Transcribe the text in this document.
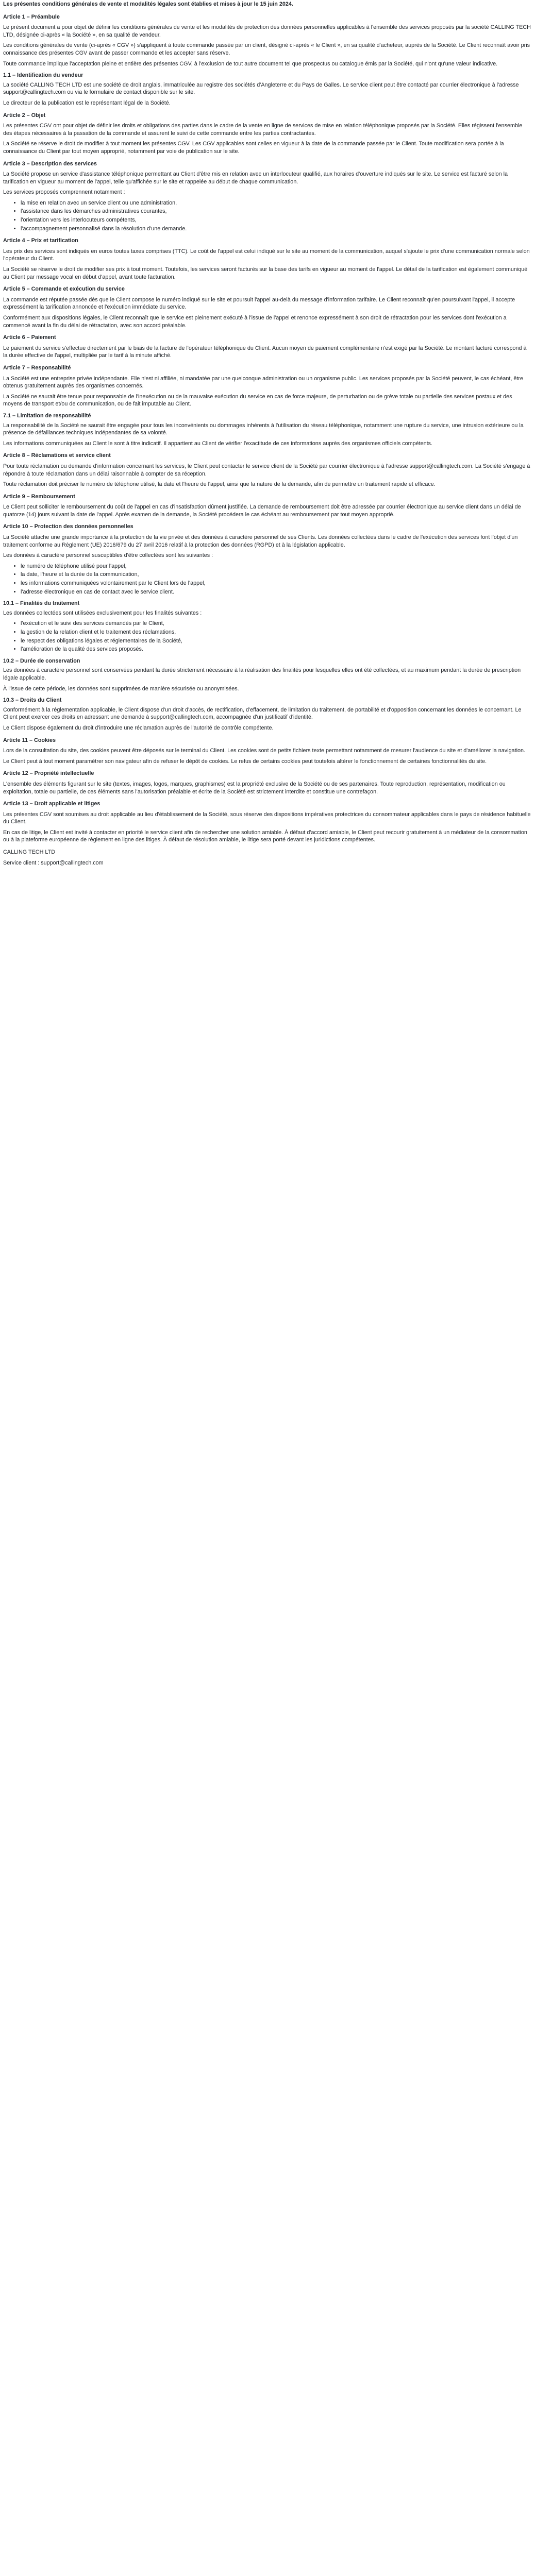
Les présentes conditions générales de vente et modalités légales sont établies et mises à jour le 15 juin 2024.
Article 1 – Préambule

Le présent document a pour objet de définir les conditions générales de vente et les modalités de protection des données personnelles applicables à l'ensemble des services proposés par la société CALLING TECH LTD, désignée ci-après « la Société », en sa qualité de vendeur.

Les conditions générales de vente (ci-après « CGV ») s'appliquent à toute commande passée par un client, désigné ci-après « le Client », en sa qualité d'acheteur, auprès de la Société. Le Client reconnaît avoir pris connaissance des présentes CGV avant de passer commande et les accepter sans réserve.

Toute commande implique l'acceptation pleine et entière des présentes CGV, à l'exclusion de tout autre document tel que prospectus ou catalogue émis par la Société, qui n'ont qu'une valeur indicative.

1.1 – Identification du vendeur

La société CALLING TECH LTD est une société de droit anglais, immatriculée au registre des sociétés d'Angleterre et du Pays de Galles. Le service client peut être contacté par courrier électronique à l'adresse support@callingtech.com ou via le formulaire de contact disponible sur le site.

Le directeur de la publication est le représentant légal de la Société.

Article 2 – Objet

Les présentes CGV ont pour objet de définir les droits et obligations des parties dans le cadre de la vente en ligne de services de mise en relation téléphonique proposés par la Société. Elles régissent l'ensemble des étapes nécessaires à la passation de la commande et assurent le suivi de cette commande entre les parties contractantes.

La Société se réserve le droit de modifier à tout moment les présentes CGV. Les CGV applicables sont celles en vigueur à la date de la commande passée par le Client. Toute modification sera portée à la connaissance du Client par tout moyen approprié, notamment par voie de publication sur le site.

Article 3 – Description des services

La Société propose un service d'assistance téléphonique permettant au Client d'être mis en relation avec un interlocuteur qualifié, aux horaires d'ouverture indiqués sur le site. Le service est facturé selon la tarification en vigueur au moment de l'appel, telle qu'affichée sur le site et rappelée au début de chaque communication.

Les services proposés comprennent notamment :

• la mise en relation avec un service client ou une administration,
• l'assistance dans les démarches administratives courantes,
• l'orientation vers les interlocuteurs compétents,
• l'accompagnement personnalisé dans la résolution d'une demande.
Article 4 – Prix et tarification

Les prix des services sont indiqués en euros toutes taxes comprises (TTC). Le coût de l'appel est celui indiqué sur le site au moment de la communication, auquel s'ajoute le prix d'une communication normale selon l'opérateur du Client.

La Société se réserve le droit de modifier ses prix à tout moment. Toutefois, les services seront facturés sur la base des tarifs en vigueur au moment de l'appel. Le détail de la tarification est également communiqué au Client par message vocal en début d'appel, avant toute facturation.

Article 5 – Commande et exécution du service

La commande est réputée passée dès que le Client compose le numéro indiqué sur le site et poursuit l'appel au-delà du message d'information tarifaire. Le Client reconnaît qu'en poursuivant l'appel, il accepte expressément la tarification annoncée et l'exécution immédiate du service.

Conformément aux dispositions légales, le Client reconnaît que le service est pleinement exécuté à l'issue de l'appel et renonce expressément à son droit de rétractation pour les services dont l'exécution a commencé avant la fin du délai de rétractation, avec son accord préalable.

Article 6 – Paiement

Le paiement du service s'effectue directement par le biais de la facture de l'opérateur téléphonique du Client. Aucun moyen de paiement complémentaire n'est exigé par la Société. Le montant facturé correspond à la durée effective de l'appel, multipliée par le tarif à la minute affiché.

Article 7 – Responsabilité

La Société est une entreprise privée indépendante. Elle n'est ni affiliée, ni mandatée par une quelconque administration ou un organisme public. Les services proposés par la Société peuvent, le cas échéant, être obtenus gratuitement auprès des organismes concernés.

La Société ne saurait être tenue pour responsable de l'inexécution ou de la mauvaise exécution du service en cas de force majeure, de perturbation ou de grève totale ou partielle des services postaux et des moyens de transport et/ou de communication, ou de fait imputable au Client.

7.1 – Limitation de responsabilité

La responsabilité de la Société ne saurait être engagée pour tous les inconvénients ou dommages inhérents à l'utilisation du réseau téléphonique, notamment une rupture du service, une intrusion extérieure ou la présence de défaillances techniques indépendantes de sa volonté.

Les informations communiquées au Client le sont à titre indicatif. Il appartient au Client de vérifier l'exactitude de ces informations auprès des organismes officiels compétents.

Article 8 – Réclamations et service client

Pour toute réclamation ou demande d'information concernant les services, le Client peut contacter le service client de la Société par courrier électronique à l'adresse support@callingtech.com. La Société s'engage à répondre à toute réclamation dans un délai raisonnable à compter de sa réception.

Toute réclamation doit préciser le numéro de téléphone utilisé, la date et l'heure de l'appel, ainsi que la nature de la demande, afin de permettre un traitement rapide et efficace.

Article 9 – Remboursement

Le Client peut solliciter le remboursement du coût de l'appel en cas d'insatisfaction dûment justifiée. La demande de remboursement doit être adressée par courrier électronique au service client dans un délai de quatorze (14) jours suivant la date de l'appel. Après examen de la demande, la Société procédera le cas échéant au remboursement par tout moyen approprié.

Article 10 – Protection des données personnelles

La Société attache une grande importance à la protection de la vie privée et des données à caractère personnel de ses Clients. Les données collectées dans le cadre de l'exécution des services font l'objet d'un traitement conforme au Règlement (UE) 2016/679 du 27 avril 2016 relatif à la protection des données (RGPD) et à la législation applicable.

Les données à caractère personnel susceptibles d'être collectées sont les suivantes :

• le numéro de téléphone utilisé pour l'appel,
• la date, l'heure et la durée de la communication,
• les informations communiquées volontairement par le Client lors de l'appel,
• l'adresse électronique en cas de contact avec le service client.
10.1 – Finalités du traitement

Les données collectées sont utilisées exclusivement pour les finalités suivantes :

• l'exécution et le suivi des services demandés par le Client,
• la gestion de la relation client et le traitement des réclamations,
• le respect des obligations légales et réglementaires de la Société,
• l'amélioration de la qualité des services proposés.
10.2 – Durée de conservation

Les données à caractère personnel sont conservées pendant la durée strictement nécessaire à la réalisation des finalités pour lesquelles elles ont été collectées, et au maximum pendant la durée de prescription légale applicable.

À l'issue de cette période, les données sont supprimées de manière sécurisée ou anonymisées.

10.3 – Droits du Client

Conformément à la réglementation applicable, le Client dispose d'un droit d'accès, de rectification, d'effacement, de limitation du traitement, de portabilité et d'opposition concernant les données le concernant. Le Client peut exercer ces droits en adressant une demande à support@callingtech.com, accompagnée d'un justificatif d'identité.

Le Client dispose également du droit d'introduire une réclamation auprès de l'autorité de contrôle compétente.

Article 11 – Cookies

Lors de la consultation du site, des cookies peuvent être déposés sur le terminal du Client. Les cookies sont de petits fichiers texte permettant notamment de mesurer l'audience du site et d'améliorer la navigation.

Le Client peut à tout moment paramétrer son navigateur afin de refuser le dépôt de cookies. Le refus de certains cookies peut toutefois altérer le fonctionnement de certaines fonctionnalités du site.

Article 12 – Propriété intellectuelle

L'ensemble des éléments figurant sur le site (textes, images, logos, marques, graphismes) est la propriété exclusive de la Société ou de ses partenaires. Toute reproduction, représentation, modification ou exploitation, totale ou partielle, de ces éléments sans l'autorisation préalable et écrite de la Société est strictement interdite et constitue une contrefaçon.

Article 13 – Droit applicable et litiges

Les présentes CGV sont soumises au droit applicable au lieu d'établissement de la Société, sous réserve des dispositions impératives protectrices du consommateur applicables dans le pays de résidence habituelle du Client.

En cas de litige, le Client est invité à contacter en priorité le service client afin de rechercher une solution amiable. À défaut d'accord amiable, le Client peut recourir gratuitement à un médiateur de la consommation ou à la plateforme européenne de règlement en ligne des litiges. À défaut de résolution amiable, le litige sera porté devant les juridictions compétentes.

CALLING TECH LTD

Service client : support@callingtech.com
